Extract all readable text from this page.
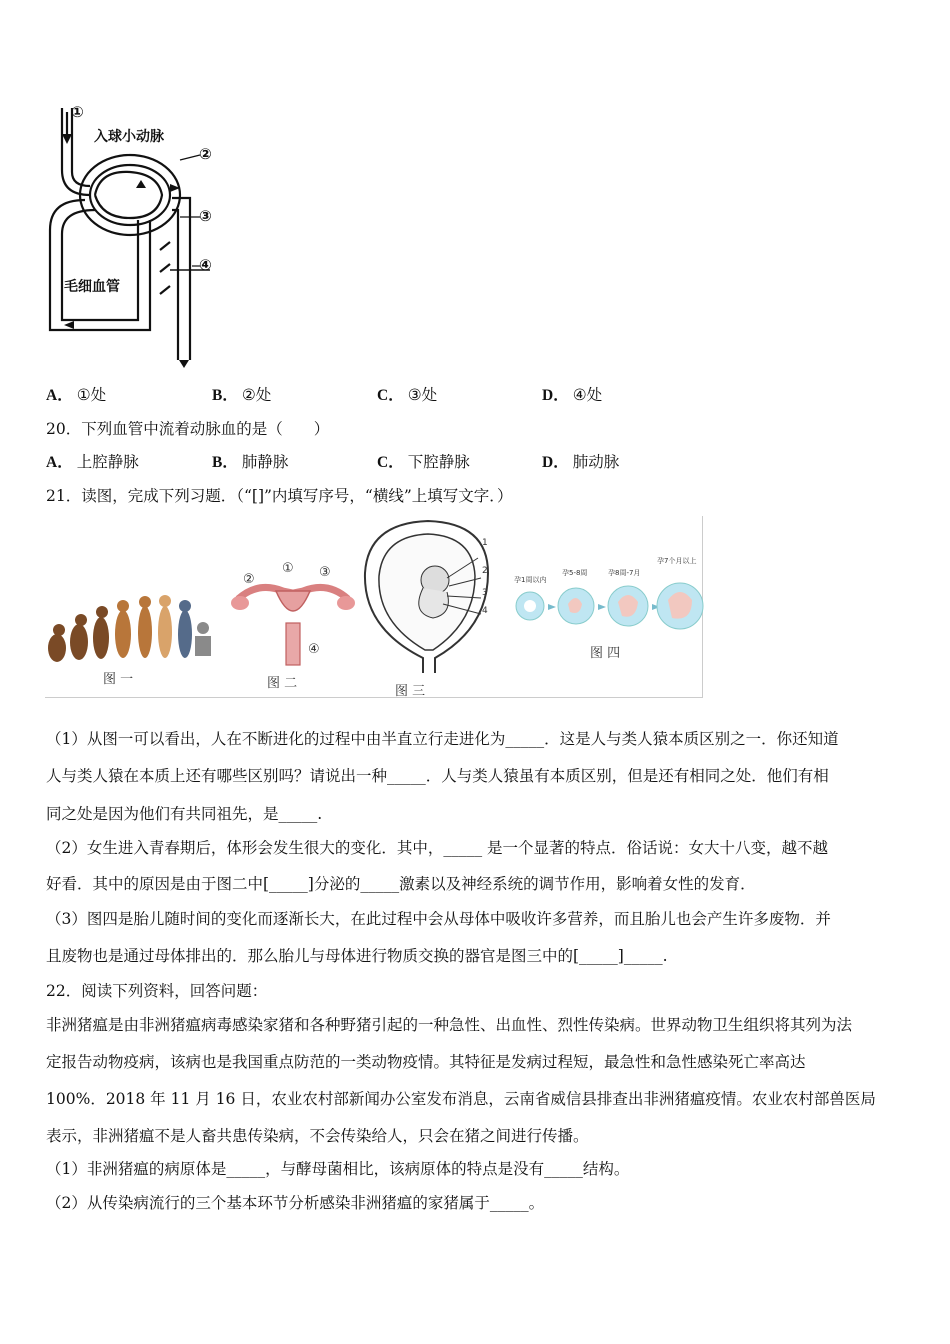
①
入球小动脉
②
③
④
毛细血管
A． ①处	B． ②处	C． ③处	D． ④处
20．下列血管中流着动脉血的是（　　）
A． 上腔静脉	B． 肺静脉	C． 下腔静脉	D． 肺动脉
21．读图，完成下列习题．（“[]”内填写序号，“横线”上填写文字．）
图 一
①
②	③
④
图 二
1
2
3
4
图 三
孕1周以内
孕5-8周	孕8周-7月
孕7个月以上
图 四
（1）从图一可以看出，人在不断进化的过程中由半直立行走进化为_____．这是人与类人猿本质区别之一．你还知道
人与类人猿在本质上还有哪些区别吗？请说出一种_____．人与类人猿虽有本质区别，但是还有相同之处．他们有相
同之处是因为他们有共同祖先，是_____.
（2）女生进入青春期后，体形会发生很大的变化．其中，_____ 是一个显著的特点．俗话说：女大十八变，越不越
好看．其中的原因是由于图二中[_____]分泌的_____激素以及神经系统的调节作用，影响着女性的发育．
（3）图四是胎儿随时间的变化而逐渐长大，在此过程中会从母体中吸收许多营养，而且胎儿也会产生许多废物．并
且废物也是通过母体排出的．那么胎儿与母体进行物质交换的器官是图三中的[_____]_____.
22．阅读下列资料，回答问题：
非洲猪瘟是由非洲猪瘟病毒感染家猪和各种野猪引起的一种急性、出血性、烈性传染病。世界动物卫生组织将其列为法
定报告动物疫病，该病也是我国重点防范的一类动物疫情。其特征是发病过程短，最急性和急性感染死亡率高达
100%．2018 年 11 月 16 日，农业农村部新闻办公室发布消息，云南省威信县排查出非洲猪瘟疫情。农业农村部兽医局
表示，非洲猪瘟不是人畜共患传染病，不会传染给人，只会在猪之间进行传播。
（1）非洲猪瘟的病原体是_____，与酵母菌相比，该病原体的特点是没有_____结构。
（2）从传染病流行的三个基本环节分析感染非洲猪瘟的家猪属于_____。
